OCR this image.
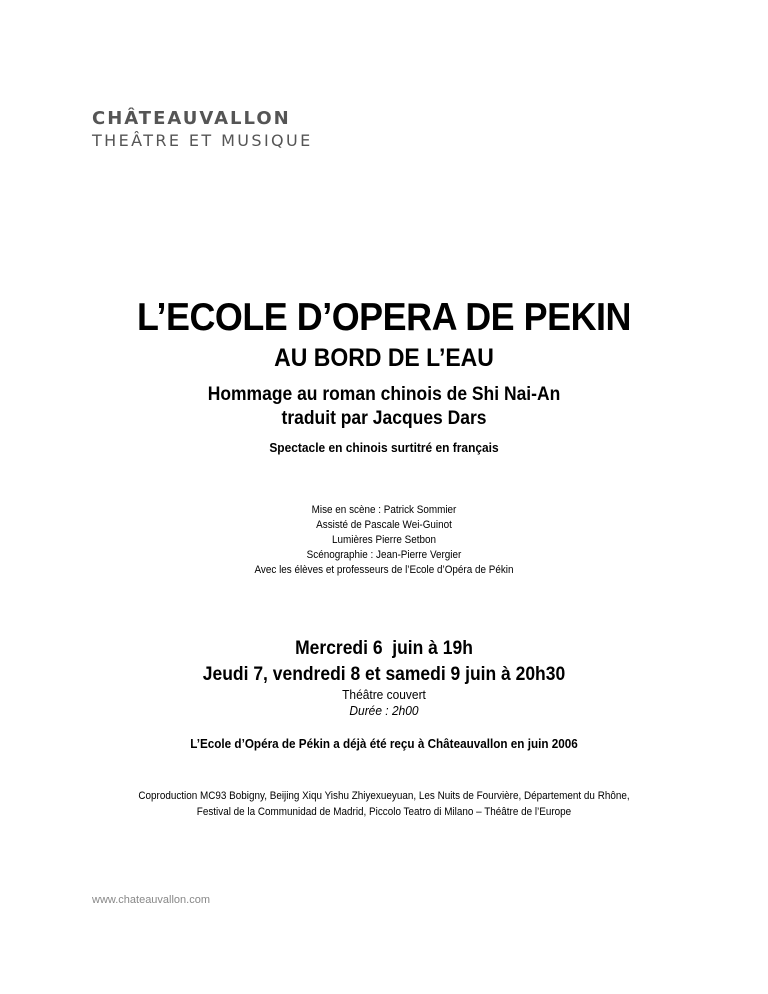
CHÂTEAUVALLON
THEÂTRE ET MUSIQUE
L’ECOLE D’OPERA DE PEKIN
AU BORD DE L’EAU
Hommage au roman chinois de Shi Nai-An
traduit par Jacques Dars
Spectacle en chinois surtitré en français
Mise en scène : Patrick Sommier
Assisté de Pascale Wei-Guinot
Lumières Pierre Setbon
Scénographie : Jean-Pierre Vergier
Avec les élèves et professeurs de l’Ecole d’Opéra de Pékin
Mercredi 6  juin à 19h
Jeudi 7, vendredi 8 et samedi 9 juin à 20h30
Théâtre couvert
Durée : 2h00
L’Ecole d’Opéra de Pékin a déjà été reçu à Châteauvallon en juin 2006
Coproduction MC93 Bobigny, Beijing Xiqu Yishu Zhiyexueyuan, Les Nuits de Fourvière, Département du Rhône,
Festival de la Communidad de Madrid, Piccolo Teatro di Milano – Théâtre de l’Europe
www.chateauvallon.com
